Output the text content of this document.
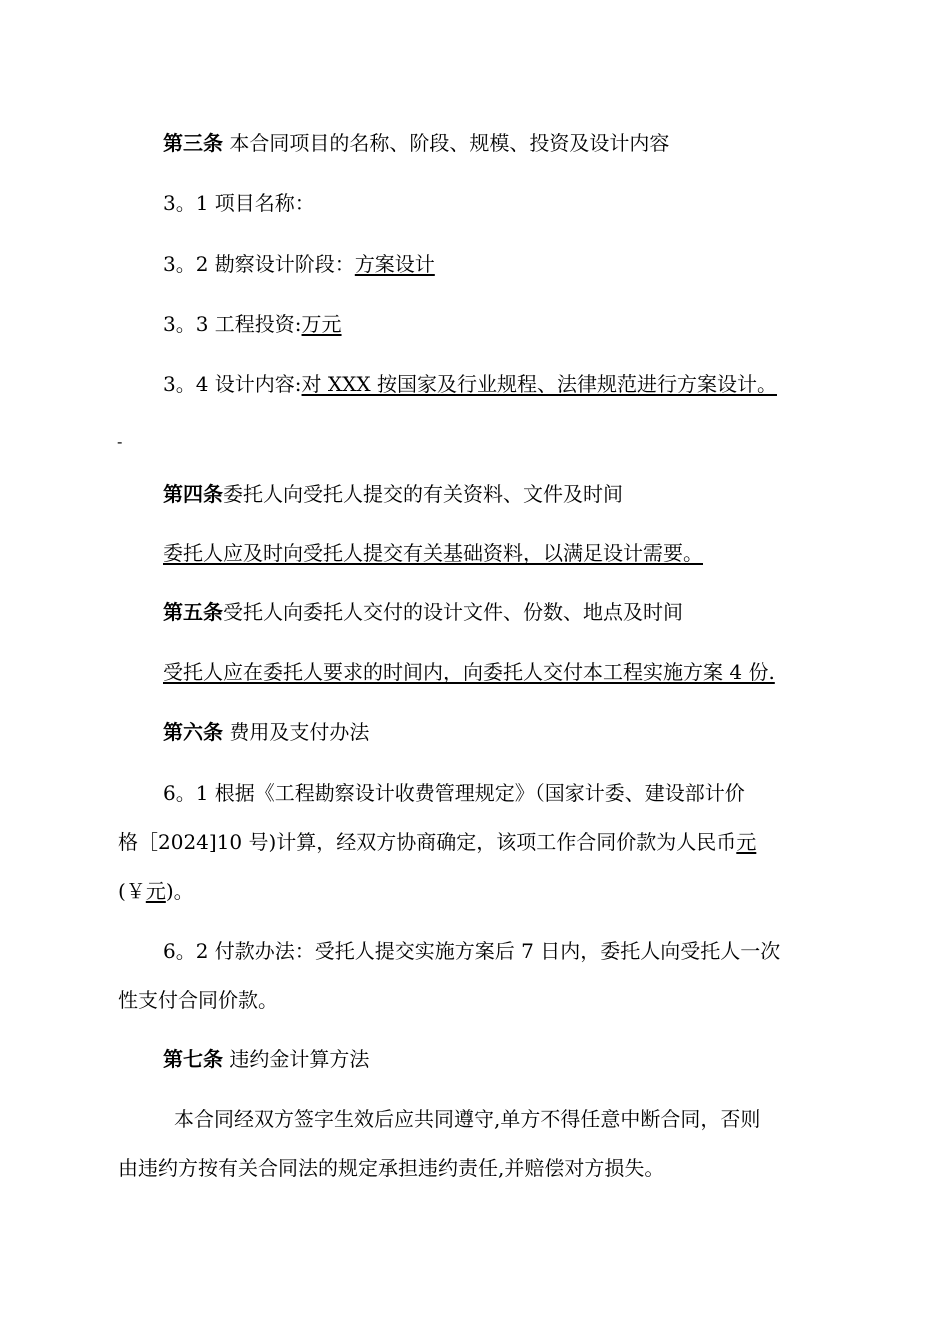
第三条 本合同项目的名称、阶段、规模、投资及设计内容
3。1 项目名称：
3。2 勘察设计阶段：方案设计
3。3 工程投资:万元
3。4 设计内容:对 XXX 按国家及行业规程、法律规范进行方案设计。
-
第四条委托人向受托人提交的有关资料、文件及时间
委托人应及时向受托人提交有关基础资料，以满足设计需要。
第五条受托人向委托人交付的设计文件、份数、地点及时间
受托人应在委托人要求的时间内，向委托人交付本工程实施方案 4 份.
第六条 费用及支付办法
6。1 根据《工程勘察设计收费管理规定》（国家计委、建设部计价
格［2024]10 号)计算，经双方协商确定，该项工作合同价款为人民币元
(￥元)。
6。2 付款办法：受托人提交实施方案后 7 日内，委托人向受托人一次
性支付合同价款。
第七条 违约金计算方法
本合同经双方签字生效后应共同遵守,单方不得任意中断合同，否则
由违约方按有关合同法的规定承担违约责任,并赔偿对方损失。
